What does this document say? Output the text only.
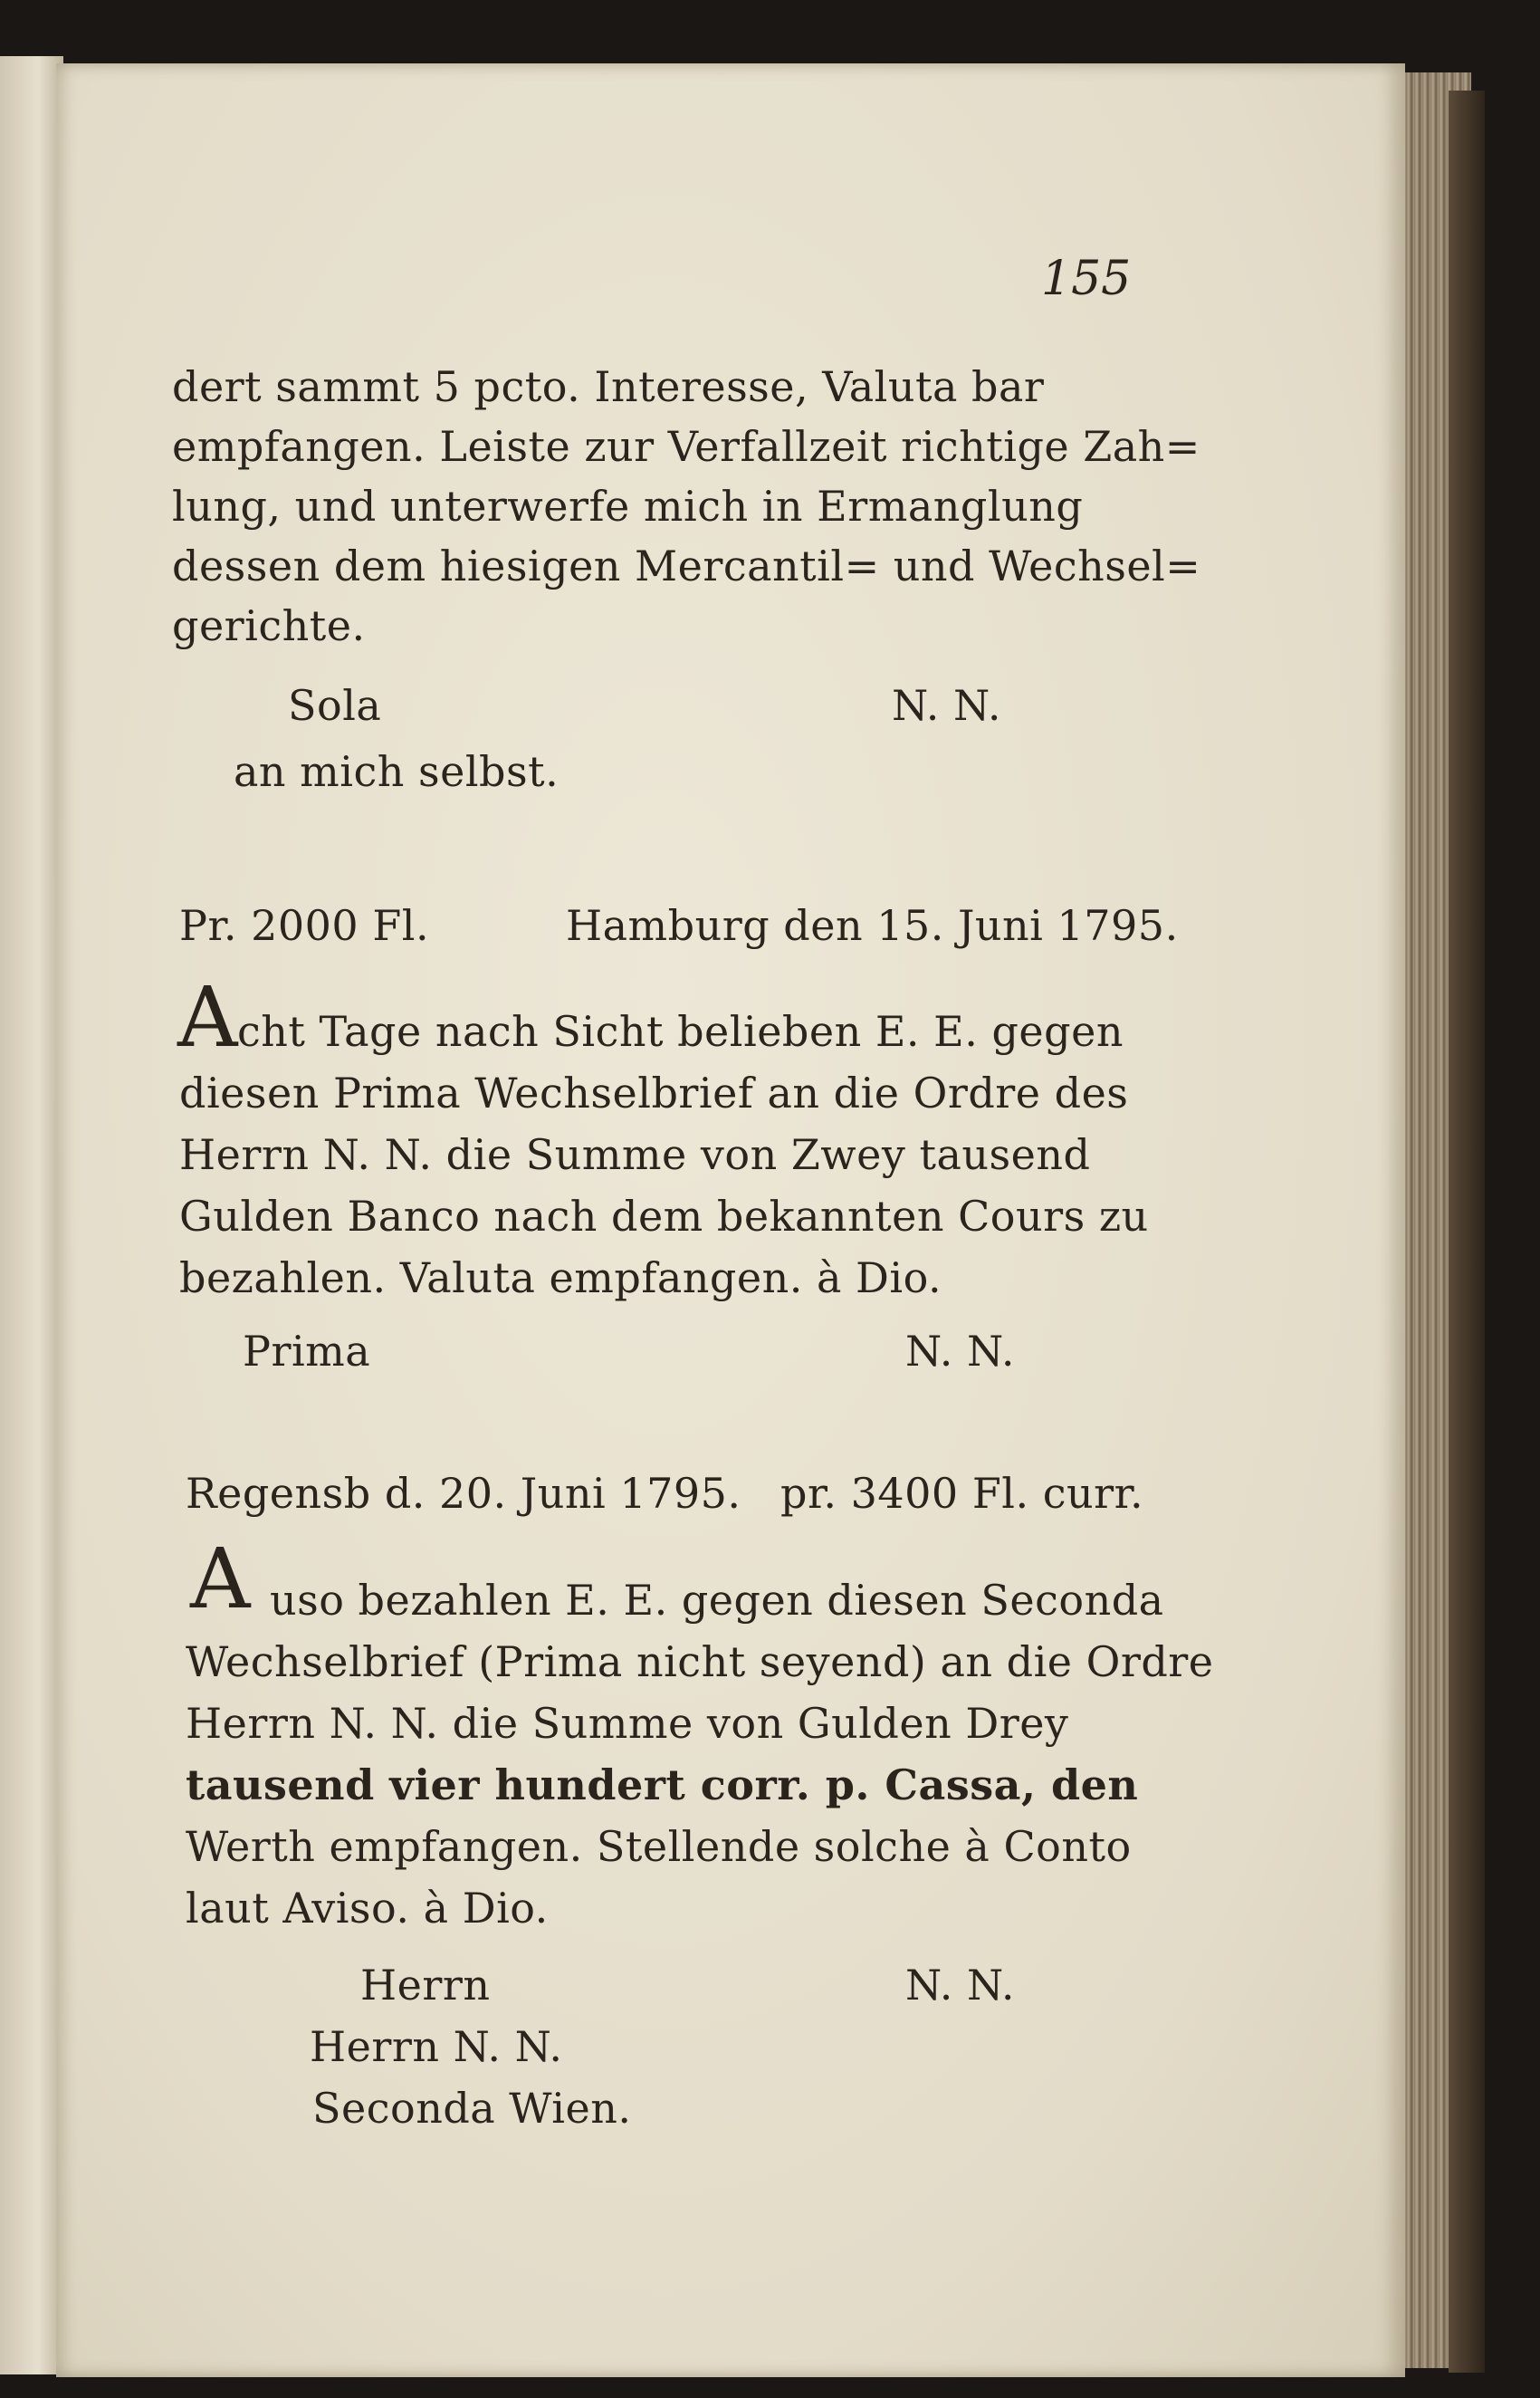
155
dert sammt 5 pcto. Interesse, Valuta bar
empfangen. Leiste zur Verfallzeit richtige Zah=
lung, und unterwerfe mich in Ermanglung
dessen dem hiesigen Mercantil= und Wechsel=
gerichte.
Sola	N. N.
an mich selbst.
Pr. 2000 Fl.	Hamburg den 15. Juni 1795.
A cht Tage nach Sicht belieben E. E. gegen
diesen Prima Wechselbrief an die Ordre des
Herrn N. N. die Summe von Zwey tausend
Gulden Banco nach dem bekannten Cours zu
bezahlen. Valuta empfangen. à Dio.
Prima	N. N.
Regensb d. 20. Juni 1795. pr. 3400 Fl. curr.
A uso bezahlen E. E. gegen diesen Seconda
Wechselbrief (Prima nicht seyend) an die Ordre
Herrn N. N. die Summe von Gulden Drey
tausend vier hundert corr. p. Cassa, den
Werth empfangen. Stellende solche à Conto
laut Aviso. à Dio.
Herrn	N. N.
Herrn N. N.
Seconda Wien.
